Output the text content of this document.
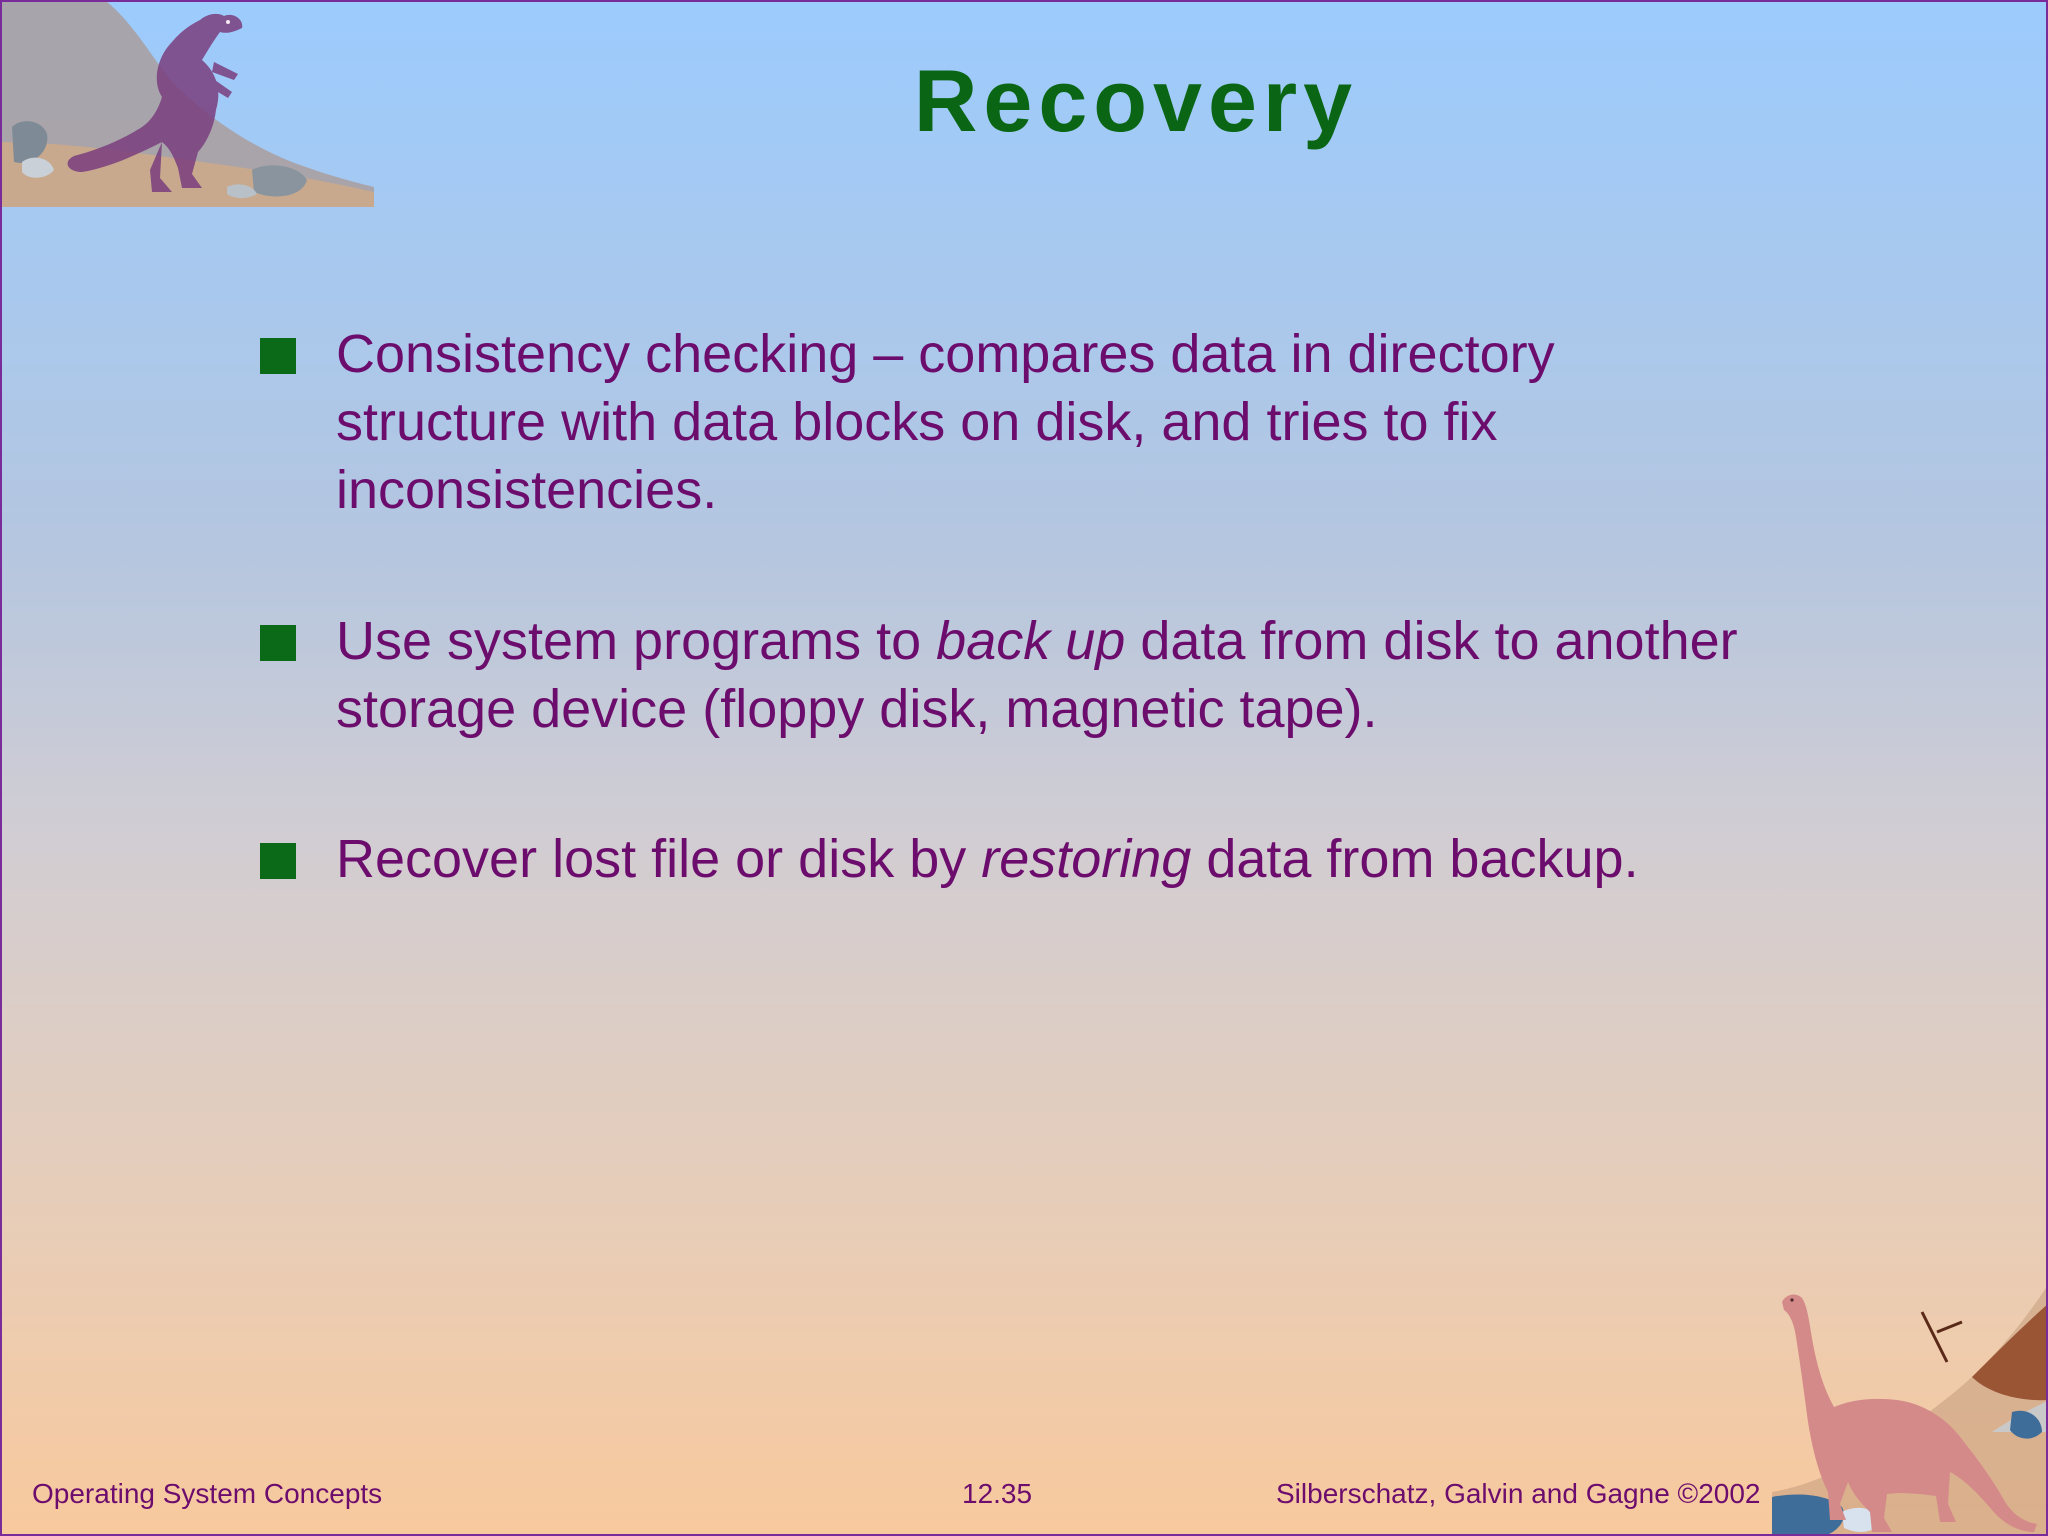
Recovery
Consistency checking – compares data in directory structure with data blocks on disk, and tries to fix inconsistencies.
Use system programs to back up data from disk to another storage device (floppy disk, magnetic tape).
Recover lost file or disk by restoring data from backup.
Operating System Concepts	12.35	Silberschatz, Galvin and Gagne ©2002
